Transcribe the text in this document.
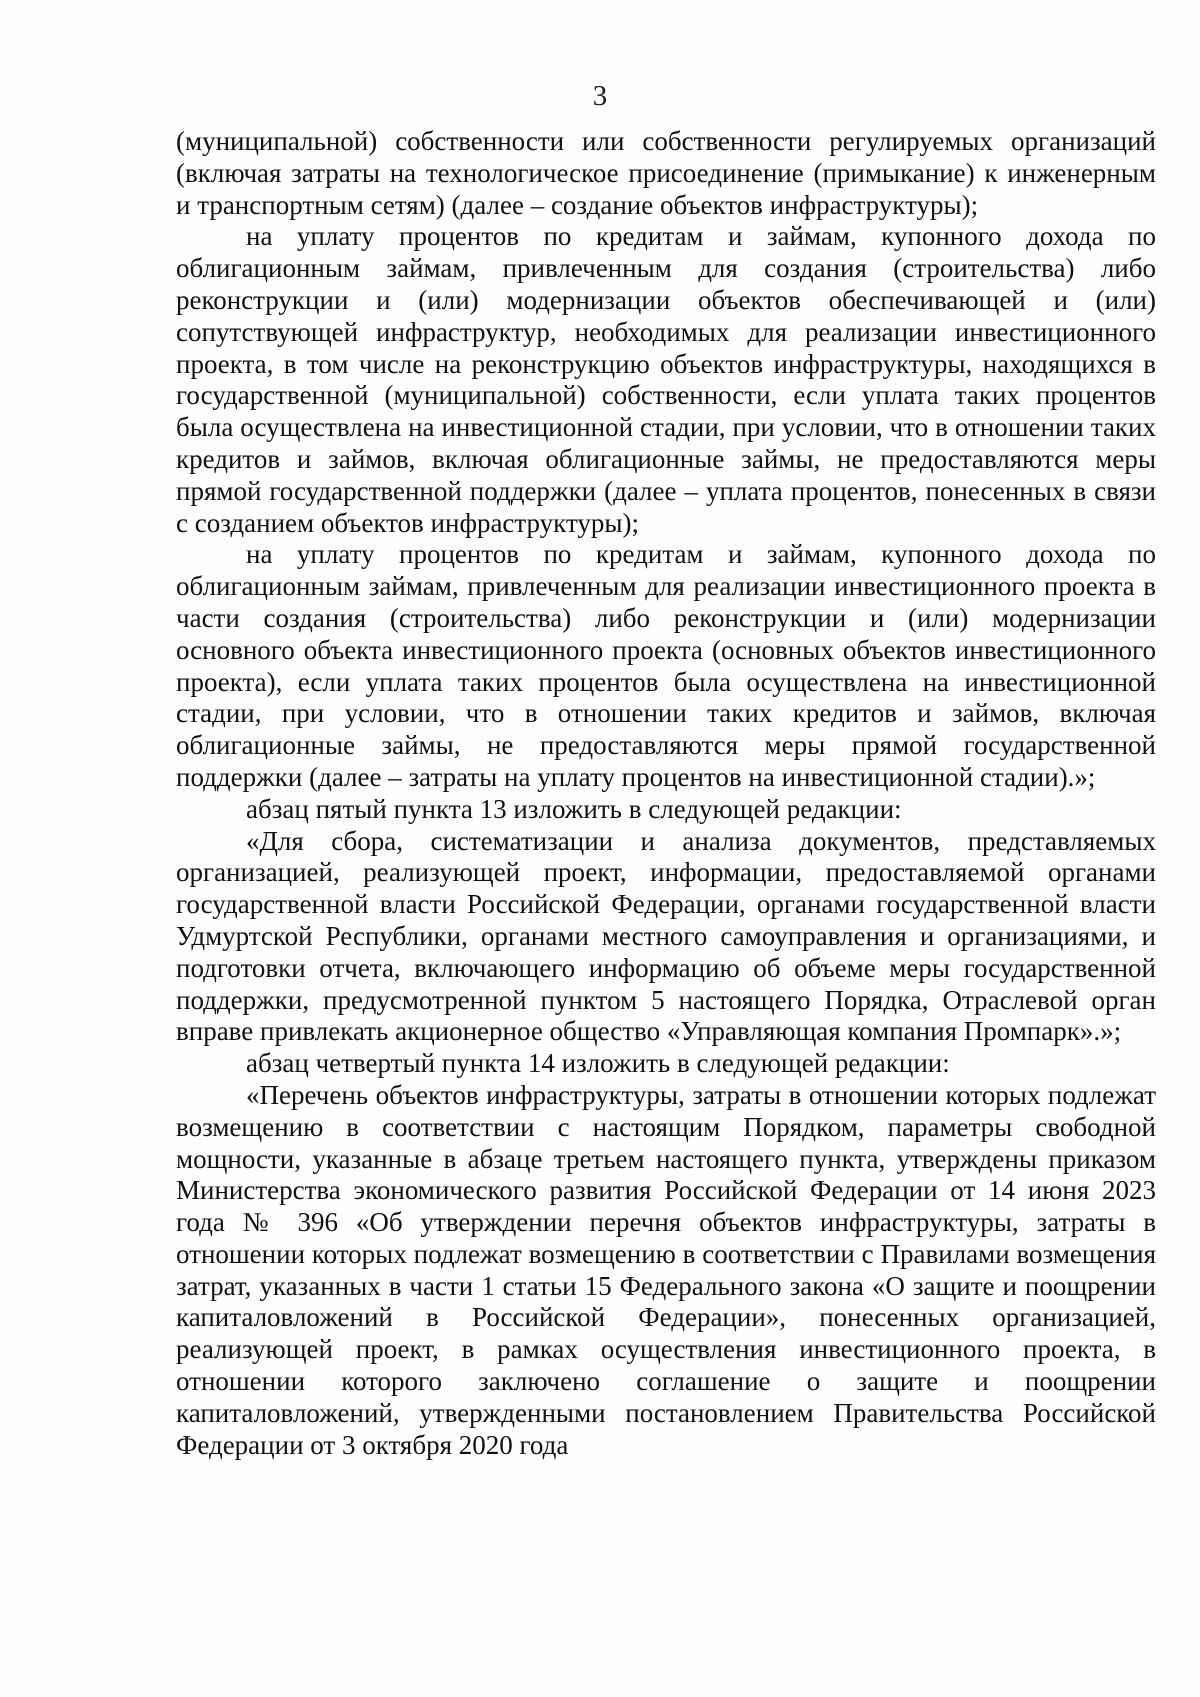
3

(муниципальной) собственности или собственности регулируемых организаций (включая затраты на технологическое присоединение (примыкание) к инженерным и транспортным сетям) (далее – создание объектов инфраструктуры);

на уплату процентов по кредитам и займам, купонного дохода по облигационным займам, привлеченным для создания (строительства) либо реконструкции и (или) модернизации объектов обеспечивающей и (или) сопутствующей инфраструктур, необходимых для реализации инвестиционного проекта, в том числе на реконструкцию объектов инфраструктуры, находящихся в государственной (муниципальной) собственности, если уплата таких процентов была осуществлена на инвестиционной стадии, при условии, что в отношении таких кредитов и займов, включая облигационные займы, не предоставляются меры прямой государственной поддержки (далее – уплата процентов, понесенных в связи с созданием объектов инфраструктуры);

на уплату процентов по кредитам и займам, купонного дохода по облигационным займам, привлеченным для реализации инвестиционного проекта в части создания (строительства) либо реконструкции и (или) модернизации основного объекта инвестиционного проекта (основных объектов инвестиционного проекта), если уплата таких процентов была осуществлена на инвестиционной стадии, при условии, что в отношении таких кредитов и займов, включая облигационные займы, не предоставляются меры прямой государственной поддержки (далее – затраты на уплату процентов на инвестиционной стадии).»;

абзац пятый пункта 13 изложить в следующей редакции:

«Для сбора, систематизации и анализа документов, представляемых организацией, реализующей проект, информации, предоставляемой органами государственной власти Российской Федерации, органами государственной власти Удмуртской Республики, органами местного самоуправления и организациями, и подготовки отчета, включающего информацию об объеме меры государственной поддержки, предусмотренной пунктом 5 настоящего Порядка, Отраслевой орган вправе привлекать акционерное общество «Управляющая компания Промпарк».»;

абзац четвертый пункта 14 изложить в следующей редакции:

«Перечень объектов инфраструктуры, затраты в отношении которых подлежат возмещению в соответствии с настоящим Порядком, параметры свободной мощности, указанные в абзаце третьем настоящего пункта, утверждены приказом Министерства экономического развития Российской Федерации от 14 июня 2023 года № 396 «Об утверждении перечня объектов инфраструктуры, затраты в отношении которых подлежат возмещению в соответствии с Правилами возмещения затрат, указанных в части 1 статьи 15 Федерального закона «О защите и поощрении капиталовложений в Российской Федерации», понесенных организацией, реализующей проект, в рамках осуществления инвестиционного проекта, в отношении которого заключено соглашение о защите и поощрении капиталовложений, утвержденными постановлением Правительства Российской Федерации от 3 октября 2020 года
